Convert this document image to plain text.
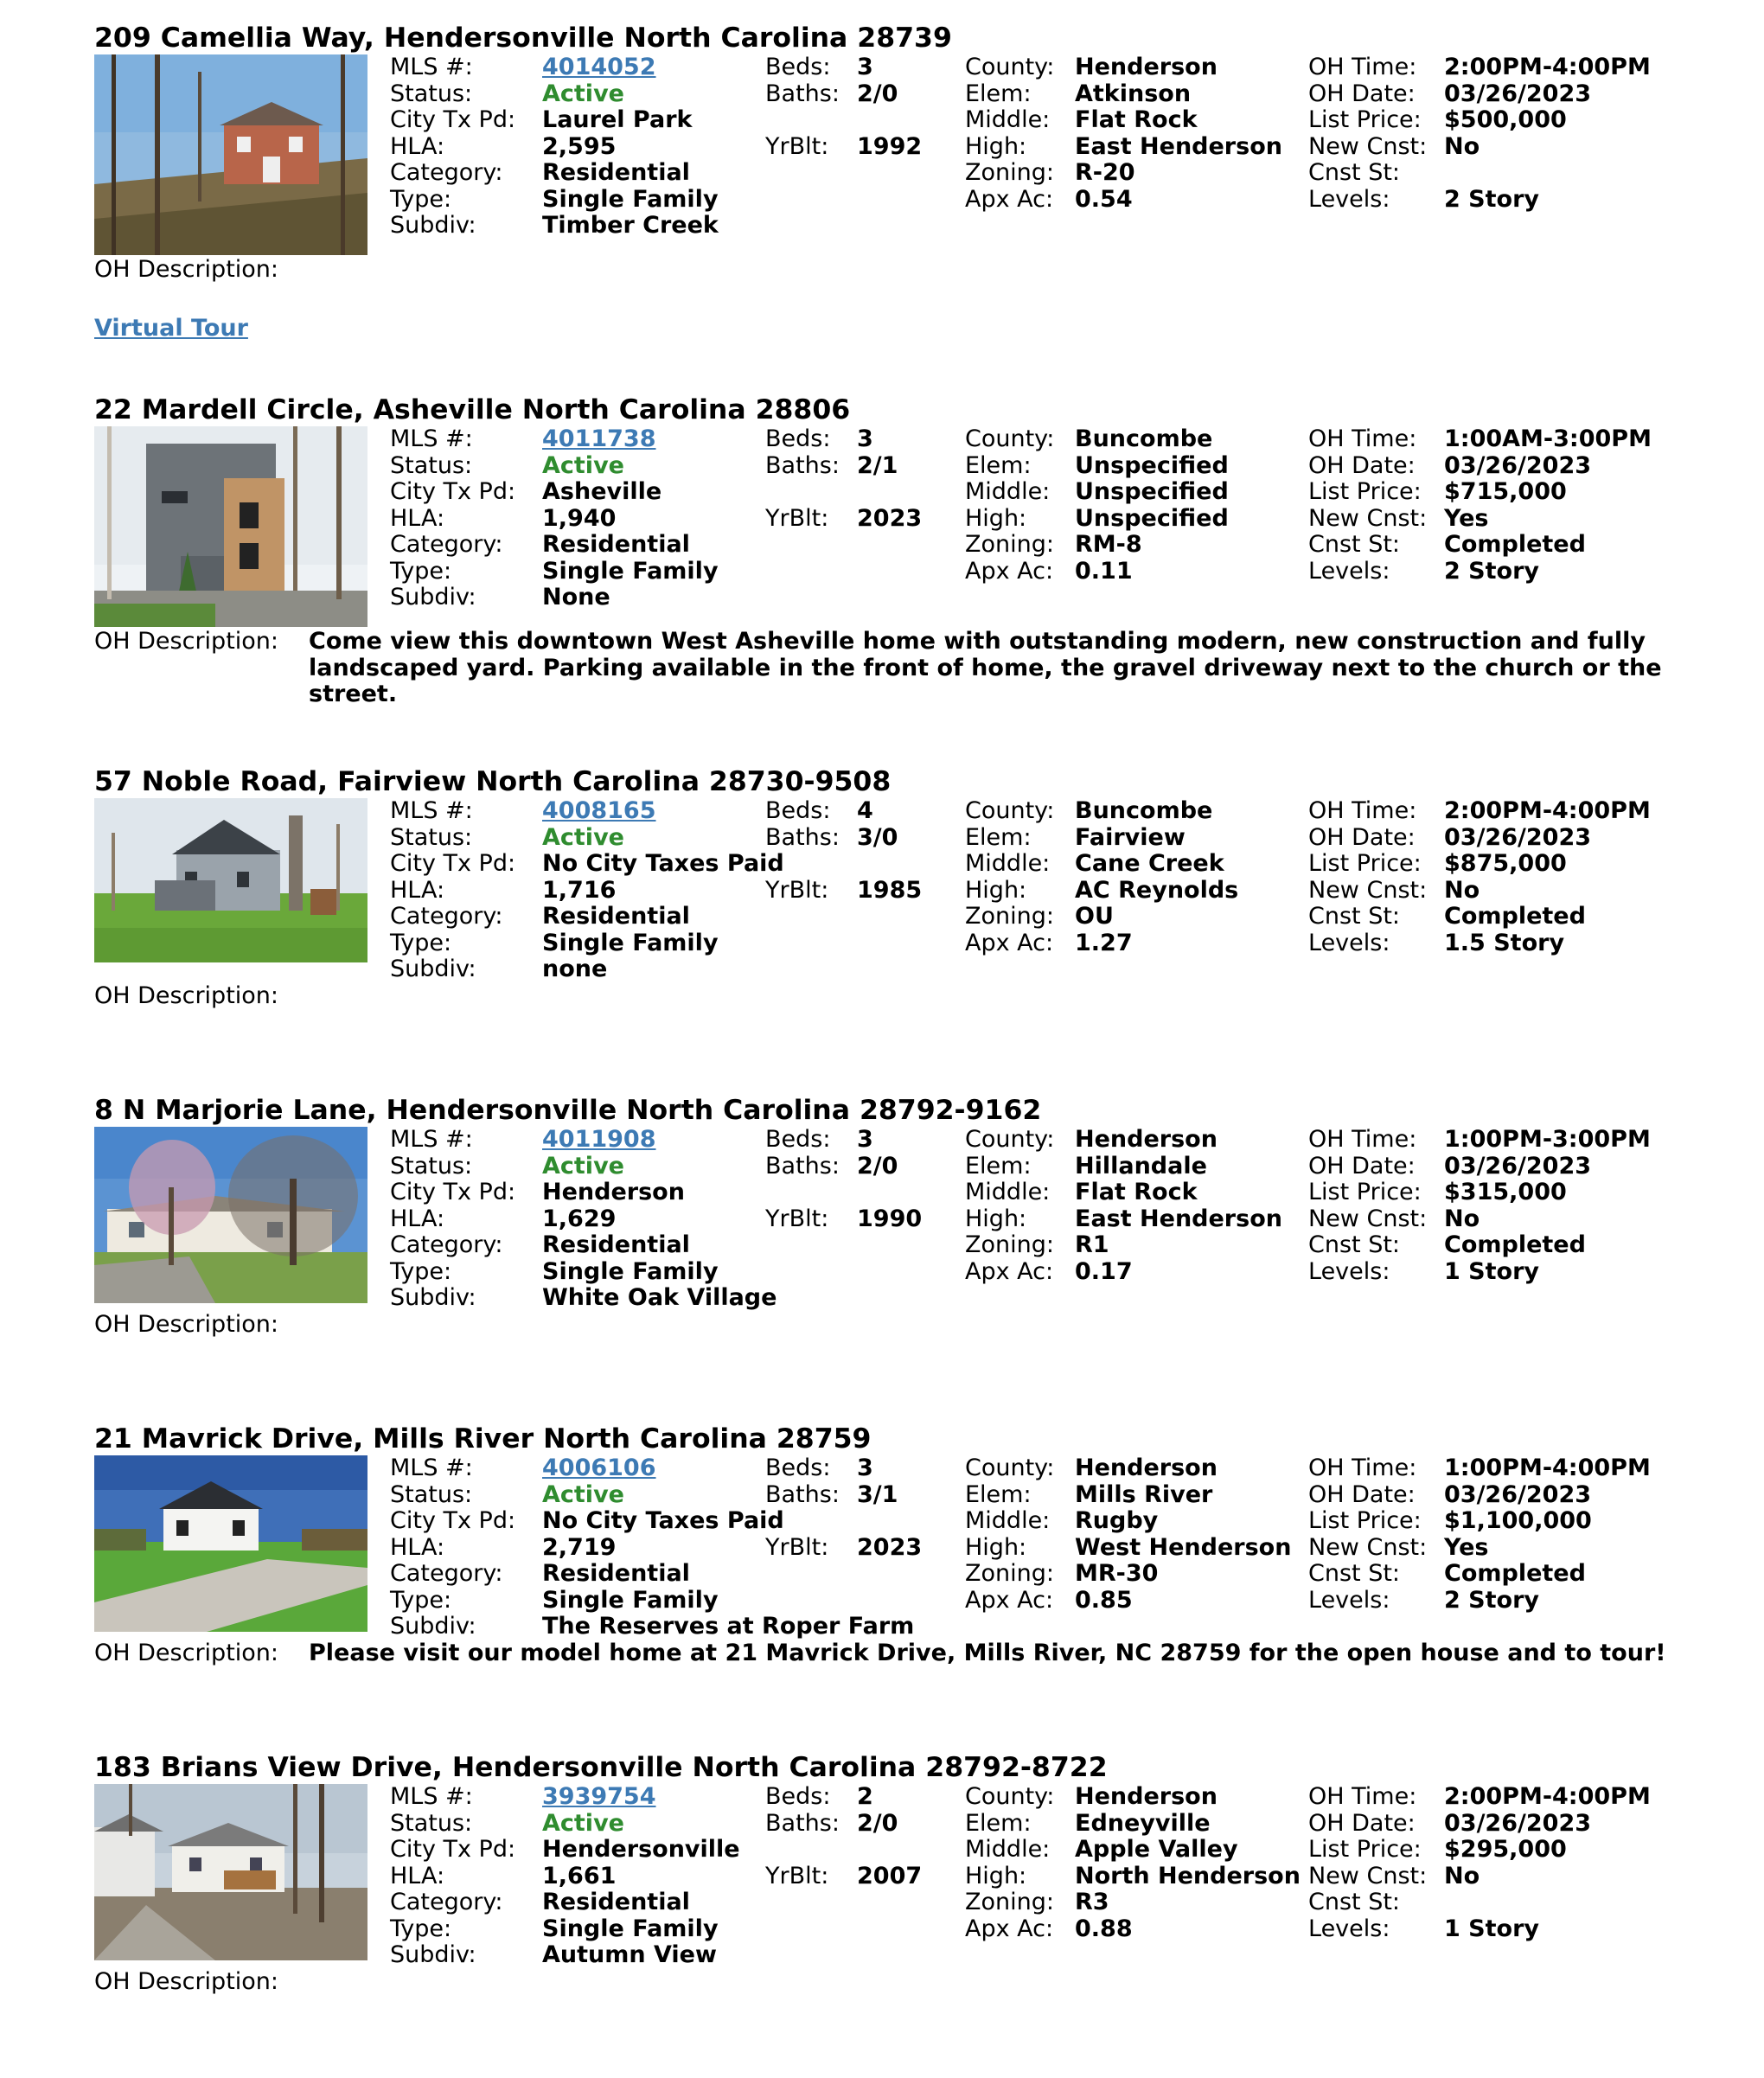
209 Camellia Way, Hendersonville North Carolina 28739
MLS #:	4014052
Status:	Active
City Tx Pd: Laurel Park
HLA:	2,595
Category: Residential
Type:	Single Family
Subdiv:	Timber Creek
Beds: 3
Baths: 2/0
YrBlt: 1992
County: Henderson
Elem: Atkinson
Middle: Flat Rock
High: East Henderson
Zoning: R-20
Apx Ac: 0.54
OH Time: 2:00PM-4:00PM
OH Date: 03/26/2023
List Price: $500,000
New Cnst: No
Cnst St:
Levels: 2 Story
OH Description:
Virtual Tour
22 Mardell Circle, Asheville North Carolina 28806
MLS #:	4011738
Status:	Active
City Tx Pd: Asheville
HLA:	1,940
Category: Residential
Type:	Single Family
Subdiv:	None
Beds: 3
Baths: 2/1
YrBlt: 2023
County: Buncombe
Elem: Unspecified
Middle: Unspecified
High: Unspecified
Zoning: RM-8
Apx Ac: 0.11
OH Time: 1:00AM-3:00PM
OH Date: 03/26/2023
List Price: $715,000
New Cnst: Yes
Cnst St: Completed
Levels: 2 Story
OH Description: Come view this downtown West Asheville home with outstanding modern, new construction and fully landscaped yard. Parking available in the front of home, the gravel driveway next to the church or the street.
57 Noble Road, Fairview North Carolina 28730-9508
MLS #:	4008165
Status:	Active
City Tx Pd: No City Taxes Paid
HLA:	1,716
Category: Residential
Type:	Single Family
Subdiv:	none
Beds: 4
Baths: 3/0
YrBlt: 1985
County: Buncombe
Elem: Fairview
Middle: Cane Creek
High: AC Reynolds
Zoning: OU
Apx Ac: 1.27
OH Time: 2:00PM-4:00PM
OH Date: 03/26/2023
List Price: $875,000
New Cnst: No
Cnst St: Completed
Levels: 1.5 Story
OH Description:
8 N Marjorie Lane, Hendersonville North Carolina 28792-9162
MLS #:	4011908
Status:	Active
City Tx Pd: Henderson
HLA:	1,629
Category: Residential
Type:	Single Family
Subdiv:	White Oak Village
Beds: 3
Baths: 2/0
YrBlt: 1990
County: Henderson
Elem: Hillandale
Middle: Flat Rock
High: East Henderson
Zoning: R1
Apx Ac: 0.17
OH Time: 1:00PM-3:00PM
OH Date: 03/26/2023
List Price: $315,000
New Cnst: No
Cnst St: Completed
Levels: 1 Story
OH Description:
21 Mavrick Drive, Mills River North Carolina 28759
MLS #:	4006106
Status:	Active
City Tx Pd: No City Taxes Paid
HLA:	2,719
Category: Residential
Type:	Single Family
Subdiv:	The Reserves at Roper Farm
Beds: 3
Baths: 3/1
YrBlt: 2023
County: Henderson
Elem: Mills River
Middle: Rugby
High: West Henderson
Zoning: MR-30
Apx Ac: 0.85
OH Time: 1:00PM-4:00PM
OH Date: 03/26/2023
List Price: $1,100,000
New Cnst: Yes
Cnst St: Completed
Levels: 2 Story
OH Description: Please visit our model home at 21 Mavrick Drive, Mills River, NC 28759 for the open house and to tour!
183 Brians View Drive, Hendersonville North Carolina 28792-8722
MLS #:	3939754
Status:	Active
City Tx Pd: Hendersonville
HLA:	1,661
Category: Residential
Type:	Single Family
Subdiv:	Autumn View
Beds: 2
Baths: 2/0
YrBlt: 2007
County: Henderson
Elem: Edneyville
Middle: Apple Valley
High: North Henderson
Zoning: R3
Apx Ac: 0.88
OH Time: 2:00PM-4:00PM
OH Date: 03/26/2023
List Price: $295,000
New Cnst: No
Cnst St:
Levels: 1 Story
OH Description:
